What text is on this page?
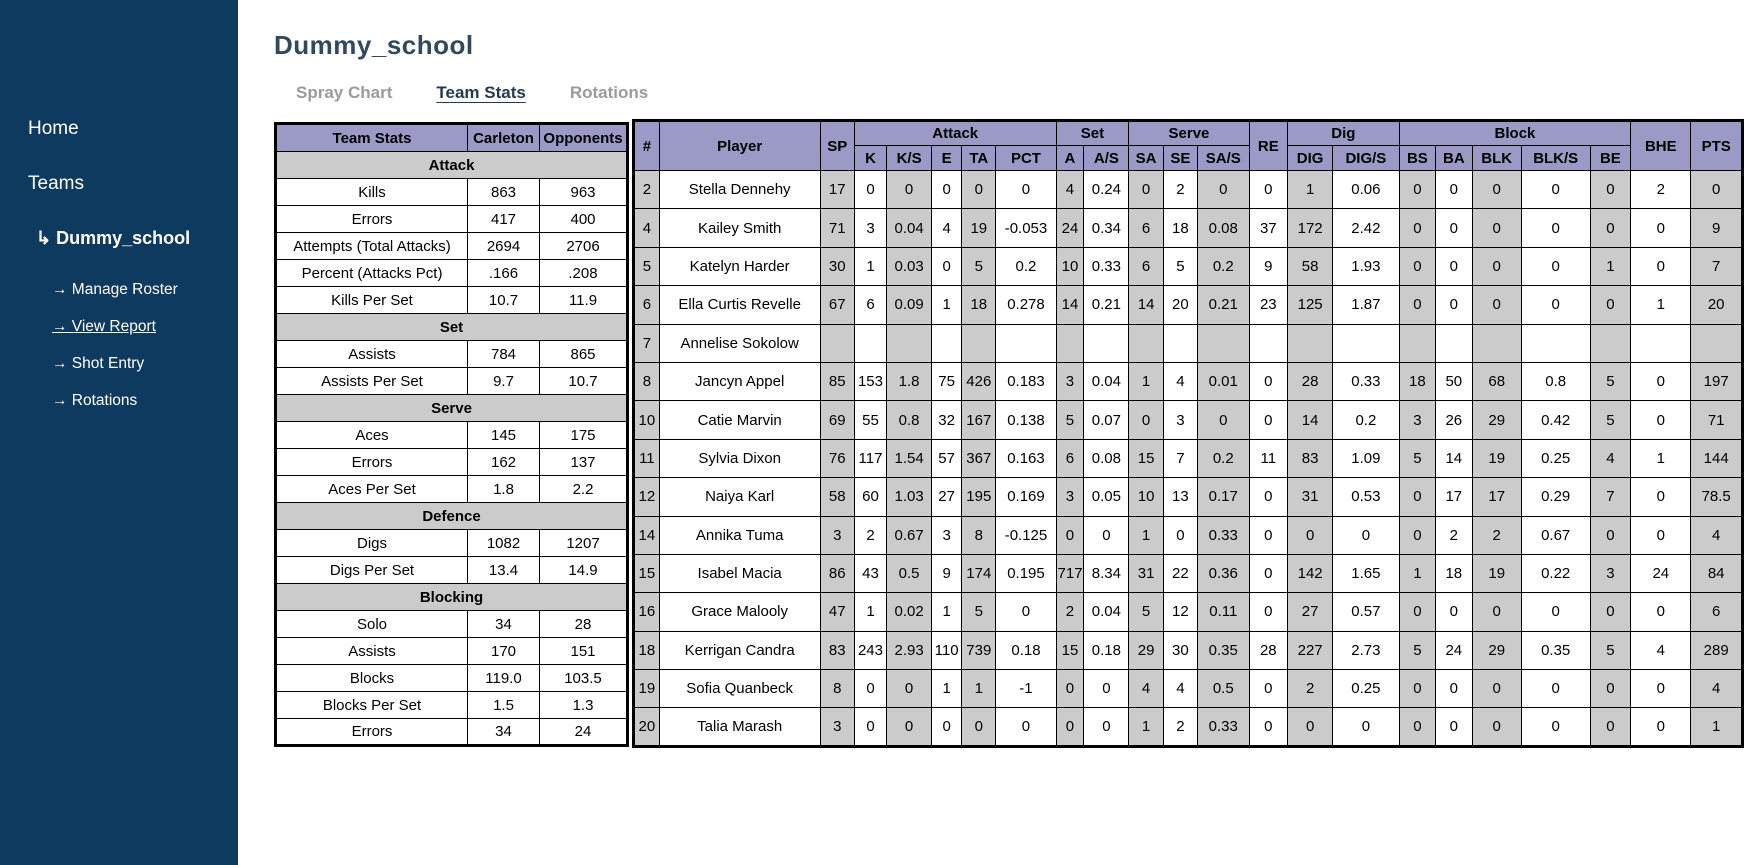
Home
Teams
↳ Dummy_school
→ Manage Roster
→ View Report
→ Shot Entry
→ Rotations
Dummy_school
Spray Chart	Team Stats	Rotations
Team Stats	Carleton	Opponents
Attack		
Kills	863	963
Errors	417	400
Attempts (Total Attacks)	2694	2706
Percent (Attacks Pct)	.166	.208
Kills Per Set	10.7	11.9
Set		
Assists	784	865
Assists Per Set	9.7	10.7
Serve		
Aces	145	175
Errors	162	137
Aces Per Set	1.8	2.2
Defence		
Digs	1082	1207
Digs Per Set	13.4	14.9
Blocking		
Solo	34	28
Assists	170	151
Blocks	119.0	103.5
Blocks Per Set	1.5	1.3
Errors	34	24
#	Player	SP	Attack					Set		Serve			RE	Dig		Block					BHE	PTS
			K	K/S	E	TA	PCT	A	A/S	SA	SE	SA/S		DIG	DIG/S	BS	BA	BLK	BLK/S	BE		
2	Stella Dennehy	17	0	0	0	0	0	4	0.24	0	2	0	0	1	0.06	0	0	0	0	0	2	0
4	Kailey Smith	71	3	0.04	4	19	-0.053	24	0.34	6	18	0.08	37	172	2.42	0	0	0	0	0	0	9
5	Katelyn Harder	30	1	0.03	0	5	0.2	10	0.33	6	5	0.2	9	58	1.93	0	0	0	0	1	0	7
6	Ella Curtis Revelle	67	6	0.09	1	18	0.278	14	0.21	14	20	0.21	23	125	1.87	0	0	0	0	0	1	20
7	Annelise Sokolow																					
8	Jancyn Appel	85	153	1.8	75	426	0.183	3	0.04	1	4	0.01	0	28	0.33	18	50	68	0.8	5	0	197
10	Catie Marvin	69	55	0.8	32	167	0.138	5	0.07	0	3	0	0	14	0.2	3	26	29	0.42	5	0	71
11	Sylvia Dixon	76	117	1.54	57	367	0.163	6	0.08	15	7	0.2	11	83	1.09	5	14	19	0.25	4	1	144
12	Naiya Karl	58	60	1.03	27	195	0.169	3	0.05	10	13	0.17	0	31	0.53	0	17	17	0.29	7	0	78.5
14	Annika Tuma	3	2	0.67	3	8	-0.125	0	0	1	0	0.33	0	0	0	0	2	2	0.67	0	0	4
15	Isabel Macia	86	43	0.5	9	174	0.195	717	8.34	31	22	0.36	0	142	1.65	1	18	19	0.22	3	24	84
16	Grace Malooly	47	1	0.02	1	5	0	2	0.04	5	12	0.11	0	27	0.57	0	0	0	0	0	0	6
18	Kerrigan Candra	83	243	2.93	110	739	0.18	15	0.18	29	30	0.35	28	227	2.73	5	24	29	0.35	5	4	289
19	Sofia Quanbeck	8	0	0	1	1	-1	0	0	4	4	0.5	0	2	0.25	0	0	0	0	0	0	4
20	Talia Marash	3	0	0	0	0	0	0	0	1	2	0.33	0	0	0	0	0	0	0	0	0	1
